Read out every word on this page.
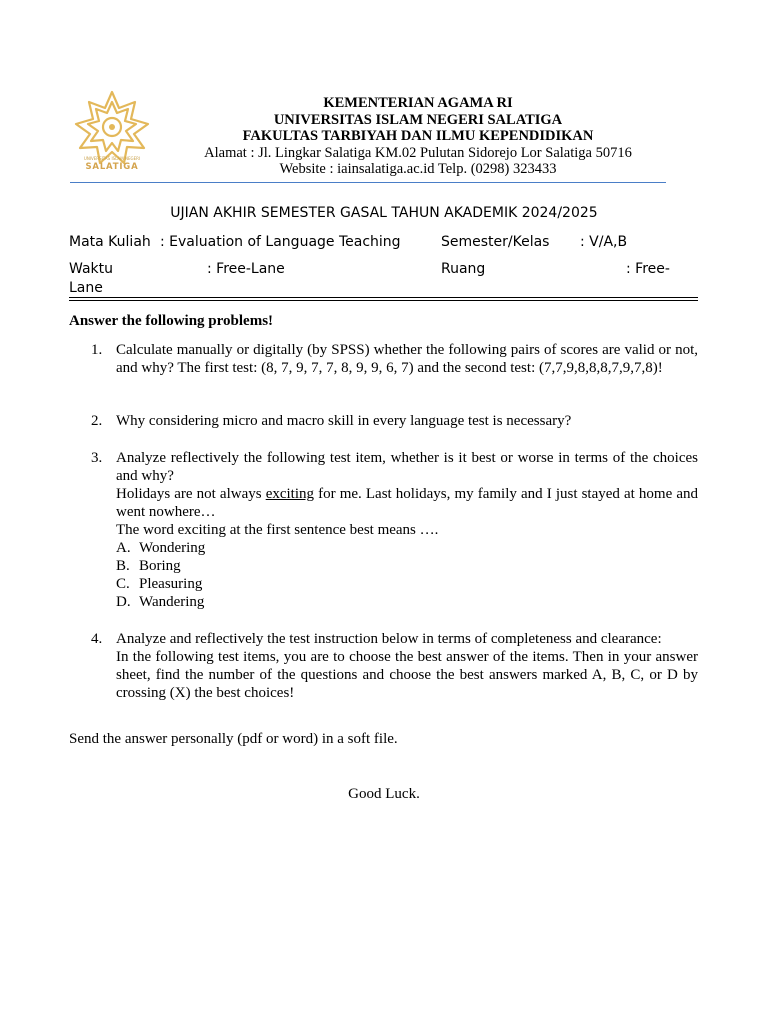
UNIVERSITAS ISLAM NEGERI
SALATIGA
KEMENTERIAN AGAMA RI
UNIVERSITAS ISLAM NEGERI SALATIGA
FAKULTAS TARBIYAH DAN ILMU KEPENDIDIKAN
Alamat : Jl. Lingkar Salatiga KM.02 Pulutan Sidorejo Lor Salatiga 50716
Website : iainsalatiga.ac.id Telp. (0298) 323433
UJIAN AKHIR SEMESTER GASAL TAHUN AKADEMIK 2024/2025
Mata Kuliah : Evaluation of Language Teaching	Semester/Kelas : V/A,B
Waktu	: Free-Lane	Ruang	: Free-
Lane
Answer the following problems!
1. Calculate manually or digitally (by SPSS) whether the following pairs of scores are valid or not, and why? The first test: (8, 7, 9, 7, 7, 8, 9, 9, 6, 7) and the second test: (7,7,9,8,8,8,7,9,7,8)!
2. Why considering micro and macro skill in every language test is necessary?
3. Analyze reflectively the following test item, whether is it best or worse in terms of the choices and why?
Holidays are not always exciting for me. Last holidays, my family and I just stayed at home and went nowhere…
The word exciting at the first sentence best means ….
A. Wondering
B. Boring
C. Pleasuring
D. Wandering
4. Analyze and reflectively the test instruction below in terms of completeness and clearance:
In the following test items, you are to choose the best answer of the items. Then in your answer sheet, find the number of the questions and choose the best answers marked A, B, C, or D by crossing (X) the best choices!
Send the answer personally (pdf or word) in a soft file.
Good Luck.
